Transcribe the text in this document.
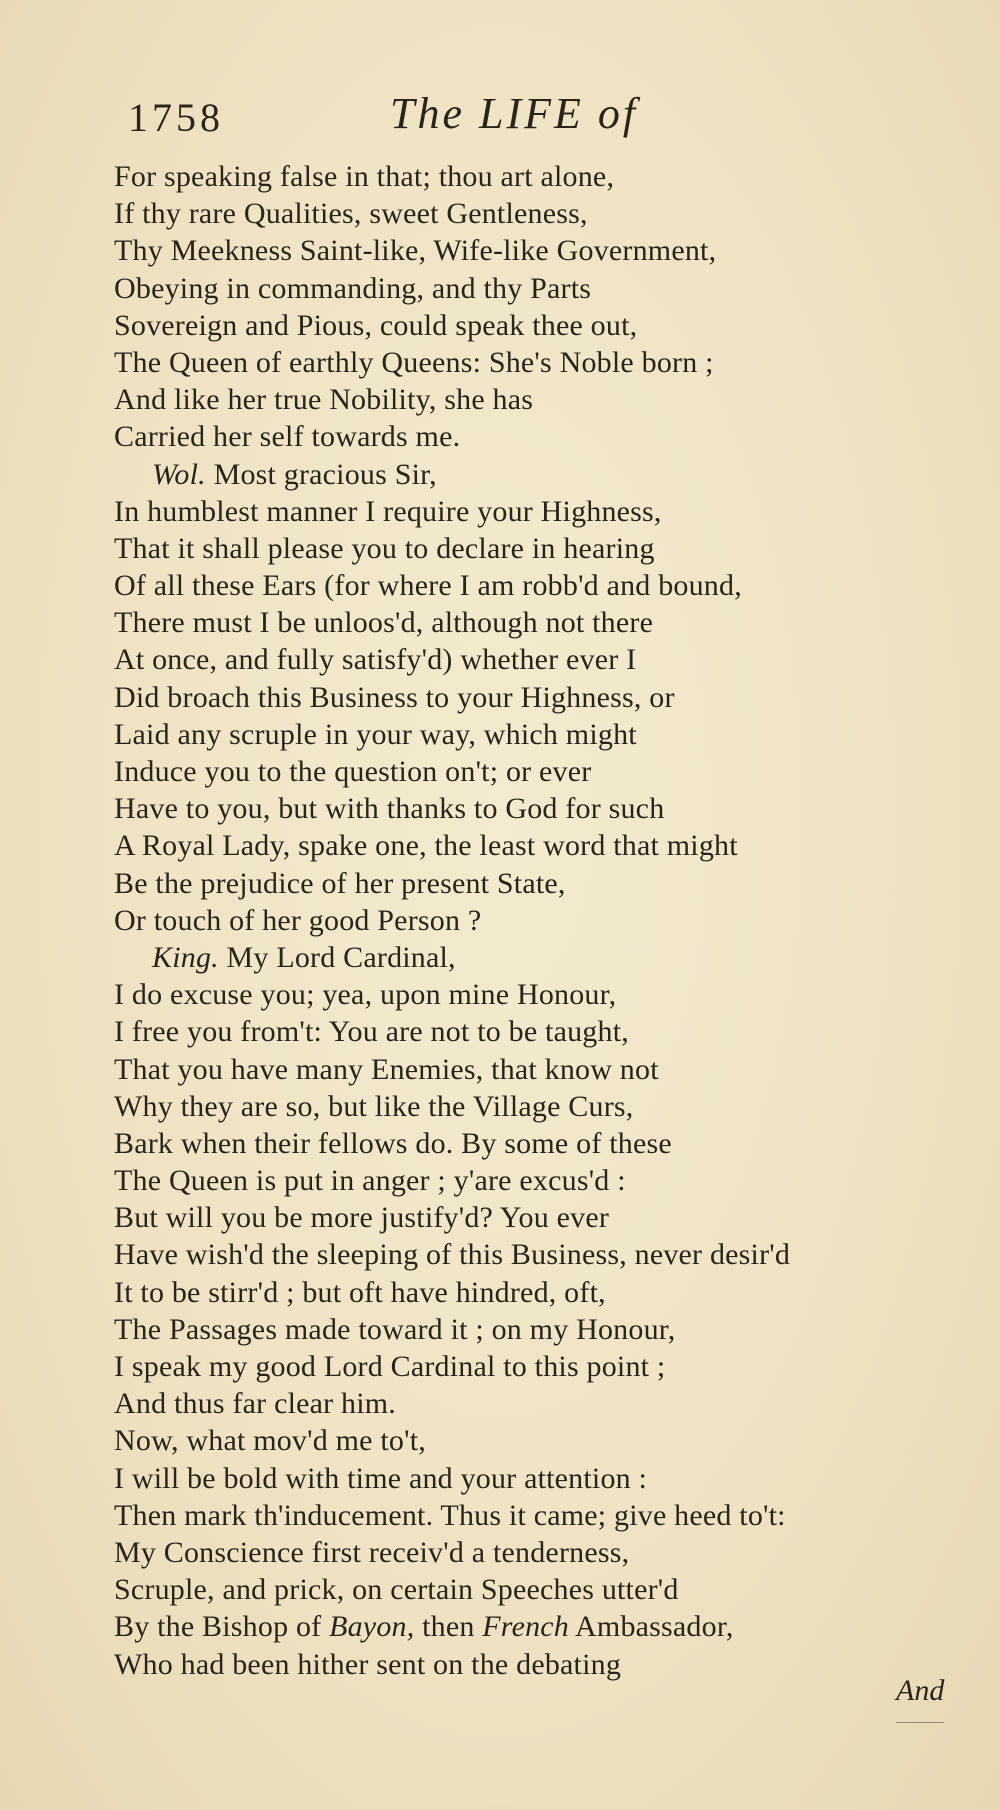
1758	The LIFE of
For speaking false in that; thou art alone,
If thy rare Qualities, sweet Gentleness,
Thy Meekness Saint-like, Wife-like Government,
Obeying in commanding, and thy Parts
Sovereign and Pious, could speak thee out,
The Queen of earthly Queens: She's Noble born ;
And like her true Nobility, she has
Carried her self towards me.
Wol. Most gracious Sir,
In humblest manner I require your Highness,
That it shall please you to declare in hearing
Of all these Ears (for where I am robb'd and bound,
There must I be unloos'd, although not there
At once, and fully satisfy'd) whether ever I
Did broach this Business to your Highness, or
Laid any scruple in your way, which might
Induce you to the question on't; or ever
Have to you, but with thanks to God for such
A Royal Lady, spake one, the least word that might
Be the prejudice of her present State,
Or touch of her good Person ?
King. My Lord Cardinal,
I do excuse you; yea, upon mine Honour,
I free you from't: You are not to be taught,
That you have many Enemies, that know not
Why they are so, but like the Village Curs,
Bark when their fellows do. By some of these
The Queen is put in anger ; y'are excus'd :
But will you be more justify'd? You ever
Have wish'd the sleeping of this Business, never desir'd
It to be stirr'd ; but oft have hindred, oft,
The Passages made toward it ; on my Honour,
I speak my good Lord Cardinal to this point ;
And thus far clear him.
Now, what mov'd me to't,
I will be bold with time and your attention :
Then mark th'inducement. Thus it came; give heed to't:
My Conscience first receiv'd a tenderness,
Scruple, and prick, on certain Speeches utter'd
By the Bishop of Bayon, then French Ambassador,
Who had been hither sent on the debating
And
